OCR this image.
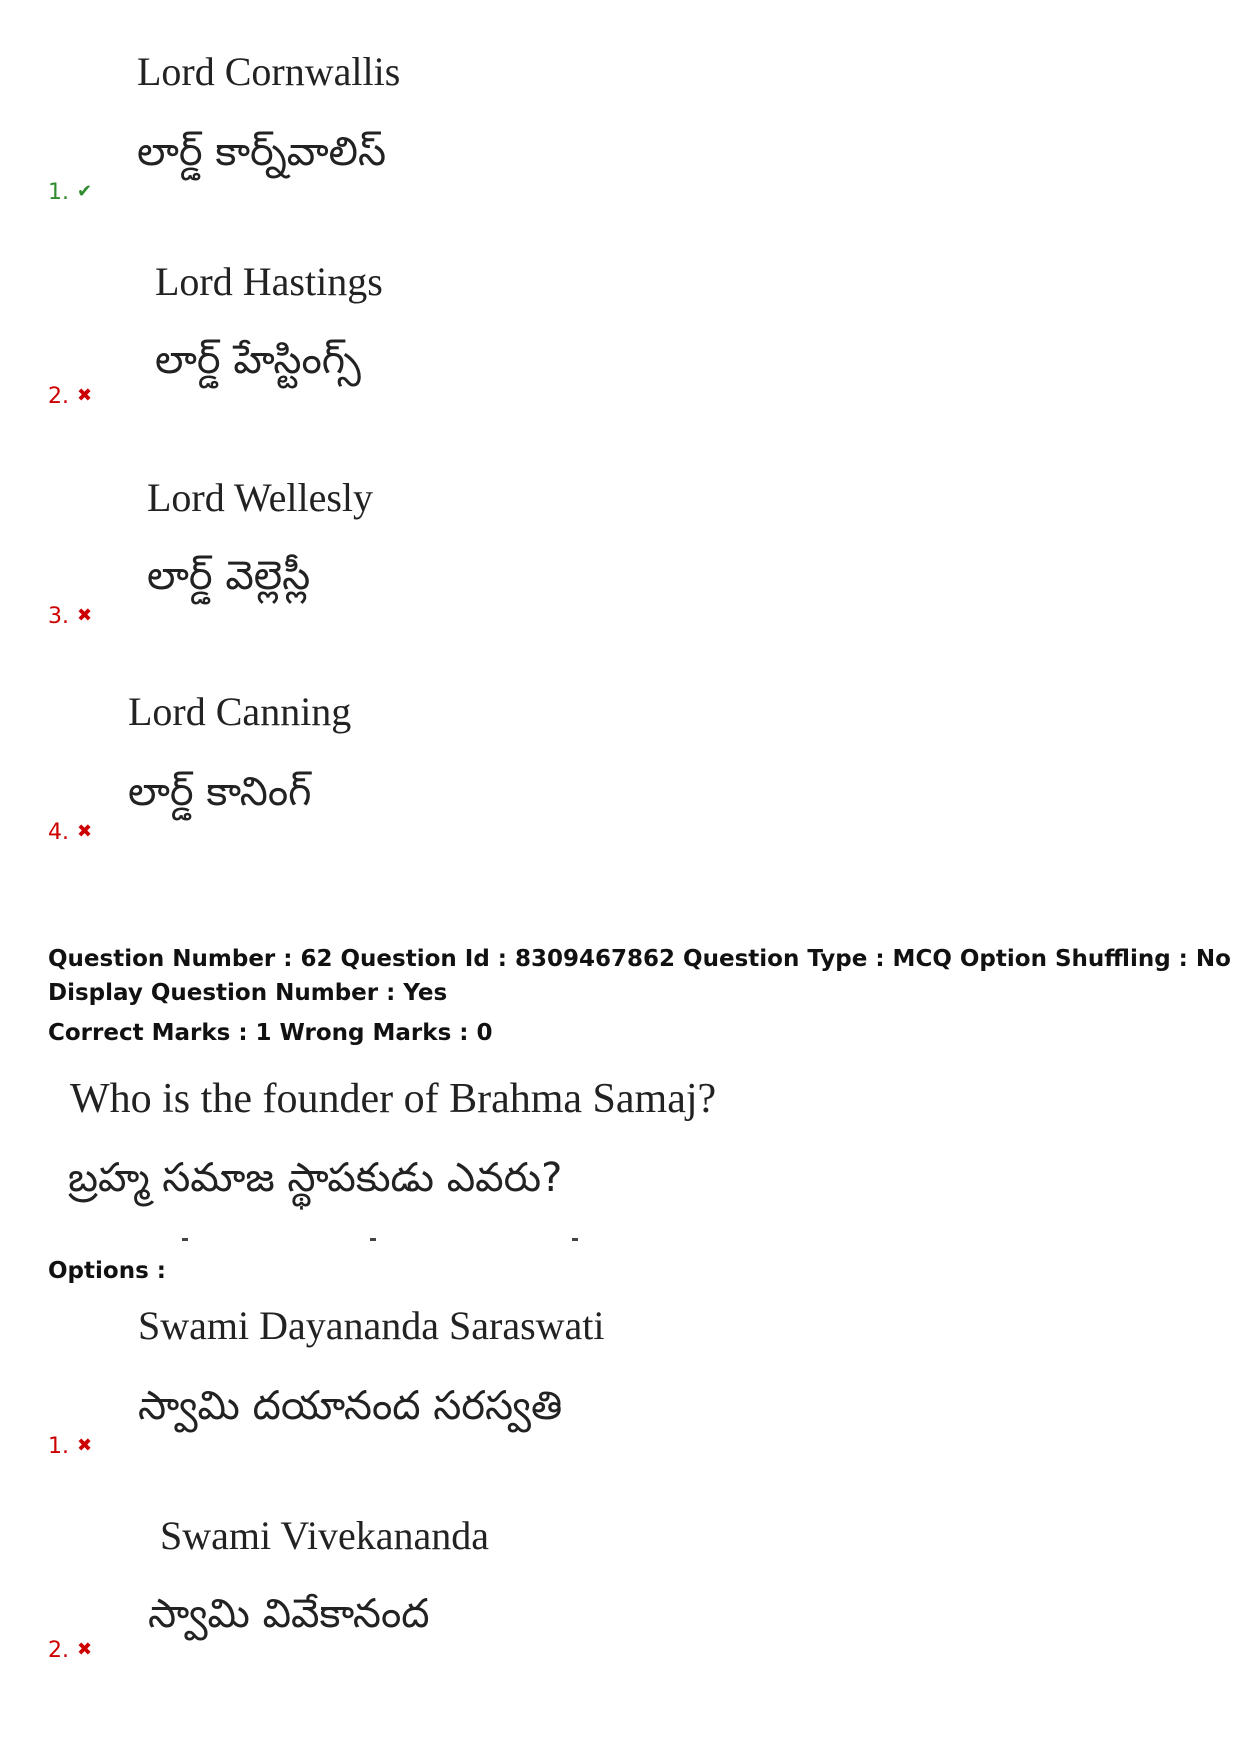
Lord Cornwallis
లార్డ్ కార్న్‌వాలిస్
1. ✔
Lord Hastings
లార్డ్ హేస్టింగ్స్
2. ✖
Lord Wellesly
లార్డ్ వెల్లెస్లీ
3. ✖
Lord Canning
లార్డ్ కానింగ్
4. ✖
Question Number : 62 Question Id : 8309467862 Question Type : MCQ Option Shuffling : No
Display Question Number : Yes
Correct Marks : 1 Wrong Marks : 0
Who is the founder of Brahma Samaj?
బ్రహ్మ సమాజ స్థాపకుడు ఎవరు?
Options :
Swami Dayananda Saraswati
స్వామి దయానంద సరస్వతి
1. ✖
Swami Vivekananda
స్వామి వివేకానంద
2. ✖
